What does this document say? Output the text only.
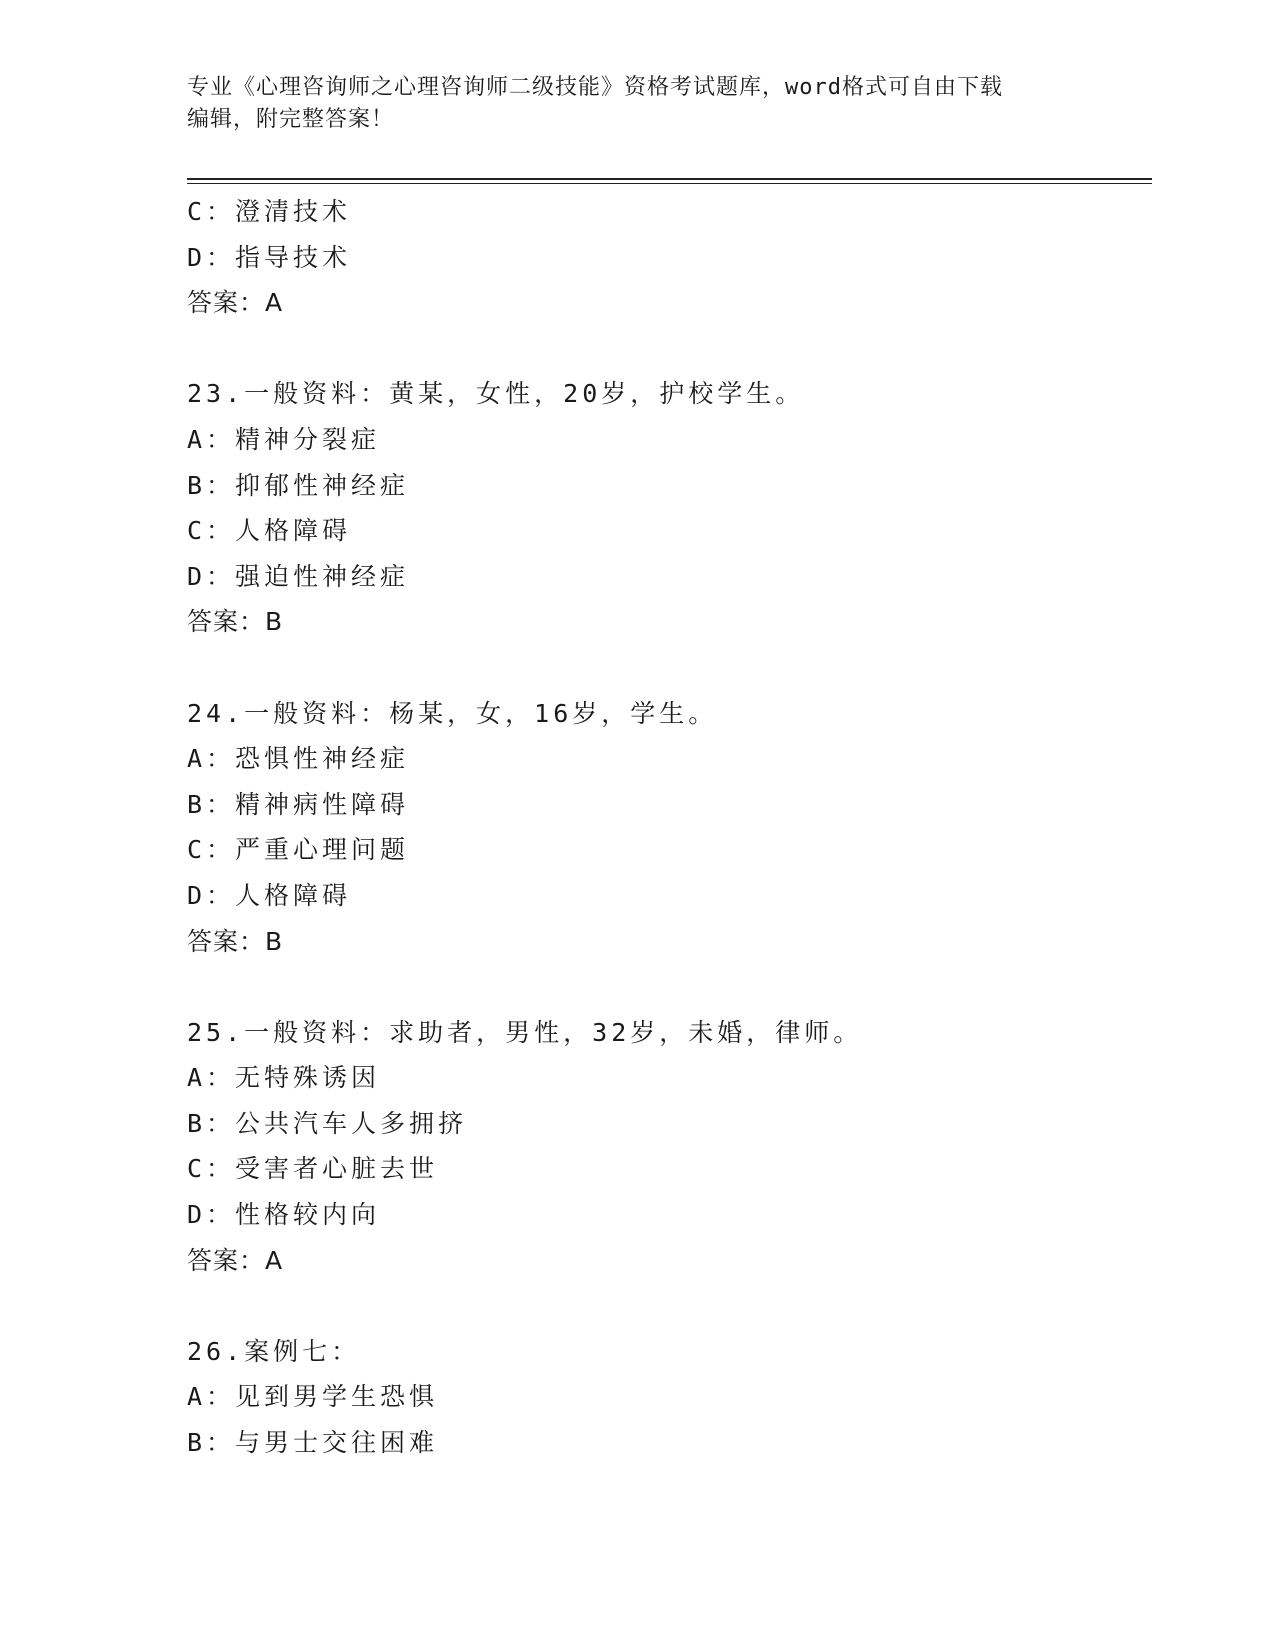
专业《心理咨询师之心理咨询师二级技能》资格考试题库，word格式可自由下载
编辑，附完整答案！
C：澄清技术
D：指导技术
答案：A
23.一般资料：黄某，女性，20岁，护校学生。
A：精神分裂症
B：抑郁性神经症
C：人格障碍
D：强迫性神经症
答案：B
24.一般资料：杨某，女，16岁，学生。
A：恐惧性神经症
B：精神病性障碍
C：严重心理问题
D：人格障碍
答案：B
25.一般资料：求助者，男性，32岁，未婚，律师。
A：无特殊诱因
B：公共汽车人多拥挤
C：受害者心脏去世
D：性格较内向
答案：A
26.案例七：
A：见到男学生恐惧
B：与男士交往困难
